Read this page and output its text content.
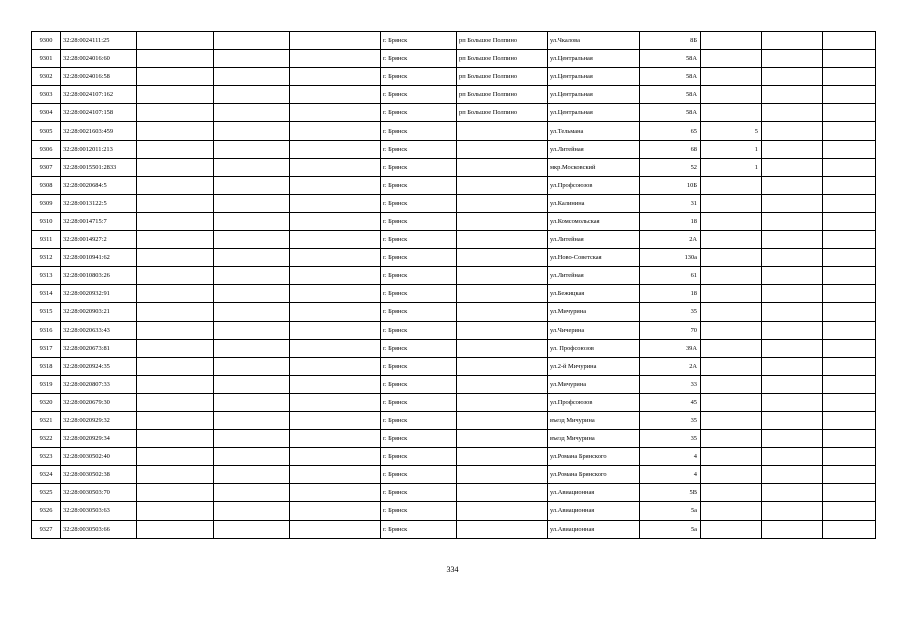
9300	32:28:0024111:25				г. Брянск	рп Большое Полпино	ул.Чкалова	8Б			
9301	32:28:0024016:60				г. Брянск	рп Большое Полпино	ул.Центральная	58А			
9302	32:28:0024016:58				г. Брянск	рп Большое Полпино	ул.Центральная	58А			
9303	32:28:0024107:162				г. Брянск	рп Большое Полпино	ул.Центральная	58А			
9304	32:28:0024107:158				г. Брянск	рп Большое Полпино	ул.Центральная	58А			
9305	32:28:0021603:459				г. Брянск		ул.Тельмана	65	5		
9306	32:28:0012011:213				г. Брянск		ул.Литейная	68	1		
9307	32:28:0015501:2833				г. Брянск		мкр.Московский	52	1		
9308	32:28:0020684:5				г. Брянск		ул.Профсоюзов	10Б			
9309	32:28:0013122:5				г. Брянск		ул.Калинина	31			
9310	32:28:0014715:7				г. Брянск		ул.Комсомольская	18			
9311	32:28:0014927:2				г. Брянск		ул.Литейная	2А			
9312	32:28:0010941:62				г. Брянск		ул.Ново-Советская	130а			
9313	32:28:0010803:26				г. Брянск		ул.Литейная	61			
9314	32:28:0020932:91				г. Брянск		ул.Бежицкая	18			
9315	32:28:0020903:21				г. Брянск		ул.Мичурина	35			
9316	32:28:0020633:43				г. Брянск		ул.Чичерина	70			
9317	32:28:0020673:81				г. Брянск		ул. Профсоюзов	39А			
9318	32:28:0020924:35				г. Брянск		ул.2-й Мичурина	2А			
9319	32:28:0020807:33				г. Брянск		ул.Мичурина	33			
9320	32:28:0020679:30				г. Брянск		ул.Профсоюзов	45			
9321	32:28:0020929:32				г. Брянск		въезд Мичурина	35			
9322	32:28:0020929:34				г. Брянск		въезд Мичурина	35			
9323	32:28:0030502:40				г. Брянск		ул.Романа Брянского	4			
9324	32:28:0030502:38				г. Брянск		ул.Романа Брянского	4			
9325	32:28:0030503:70				г. Брянск		ул.Авиационная	5В			
9326	32:28:0030503:63				г. Брянск		ул.Авиационная	5а			
9327	32:28:0030503:66				г. Брянск		ул.Авиационная	5а			
334
